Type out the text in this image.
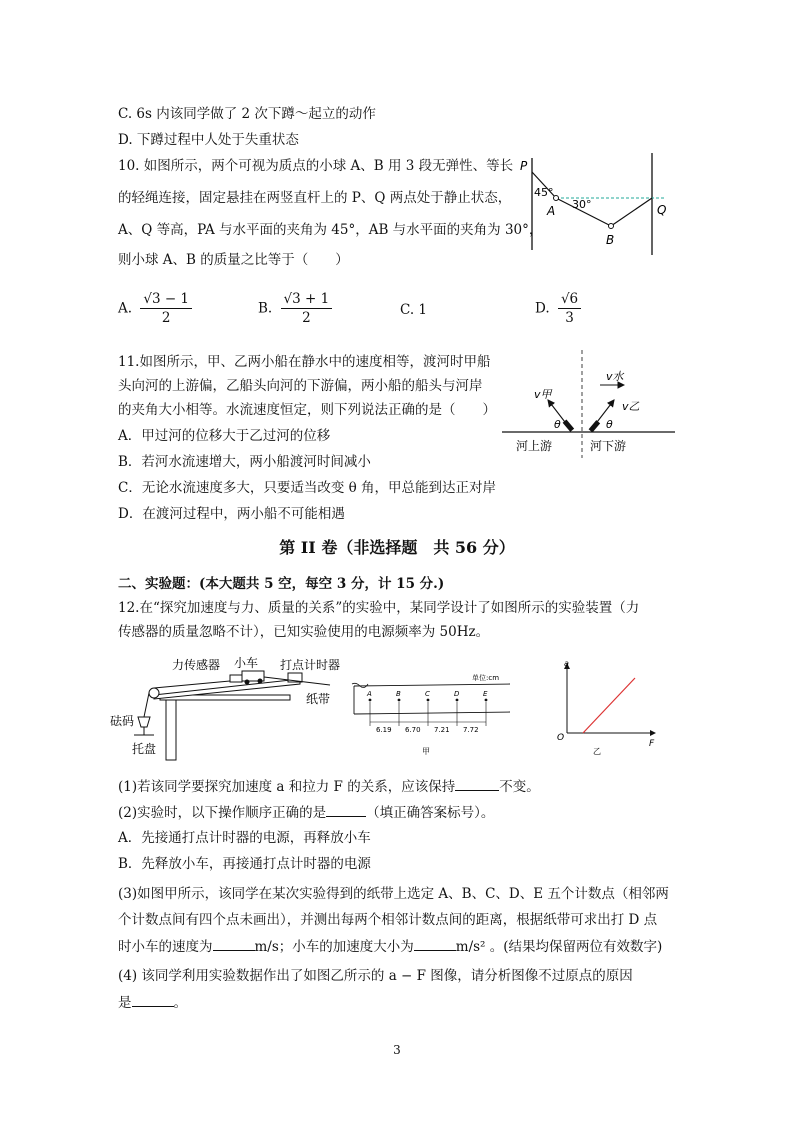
C. 6s 内该同学做了 2 次下蹲～起立的动作
D. 下蹲过程中人处于失重状态
10. 如图所示，两个可视为质点的小球 A、B 用 3 段无弹性、等长
的轻绳连接，固定悬挂在两竖直杆上的 P、Q 两点处于静止状态，
A、Q 等高，PA 与水平面的夹角为 45°，AB 与水平面的夹角为 30°，
则小球 A、B 的质量之比等于（　　）
A. $\frac{√3 - 1}{2}$	B. $\frac{√3 + 1}{2}$	C. 1	D. $\frac{√6}{3}$
P
Q
A
B
45°
30°
11.如图所示，甲、乙两小船在静水中的速度相等，渡河时甲船
头向河的上游偏，乙船头向河的下游偏，两小船的船头与河岸
的夹角大小相等。水流速度恒定，则下列说法正确的是（　　）
A．甲过河的位移大于乙过河的位移
B．若河水流速增大，两小船渡河时间减小
C．无论水流速度多大，只要适当改变 θ 角，甲总能到达正对岸
D．在渡河过程中，两小船不可能相遇
v甲
v水
v乙
θ	θ
河上游	河下游
第 II 卷（非选择题　共 56 分）
二、实验题：(本大题共 5 空，每空 3 分，计 15 分.)
12.在“探究加速度与力、质量的关系”的实验中，某同学设计了如图所示的实验装置（力
传感器的质量忽略不计），已知实验使用的电源频率为 50Hz。
力传感器 小车 打点计时器
纸带
砝码
托盘
单位:cm
A	B	C	D	E
6.19 6.70 7.21 7.72
甲
a
F
O
乙
(1)若该同学要探究加速度 a 和拉力 F 的关系，应该保持	不变。
(2)实验时，以下操作顺序正确的是	（填正确答案标号）。
A．先接通打点计时器的电源，再释放小车
B．先释放小车，再接通打点计时器的电源
(3)如图甲所示，该同学在某次实验得到的纸带上选定 A、B、C、D、E 五个计数点（相邻两
个计数点间有四个点未画出），并测出每两个相邻计数点间的距离，根据纸带可求出打 D 点
时小车的速度为	m/s；小车的加速度大小为	m/s² 。(结果均保留两位有效数字)
(4) 该同学利用实验数据作出了如图乙所示的 a − F 图像，请分析图像不过原点的原因
是	。
3
